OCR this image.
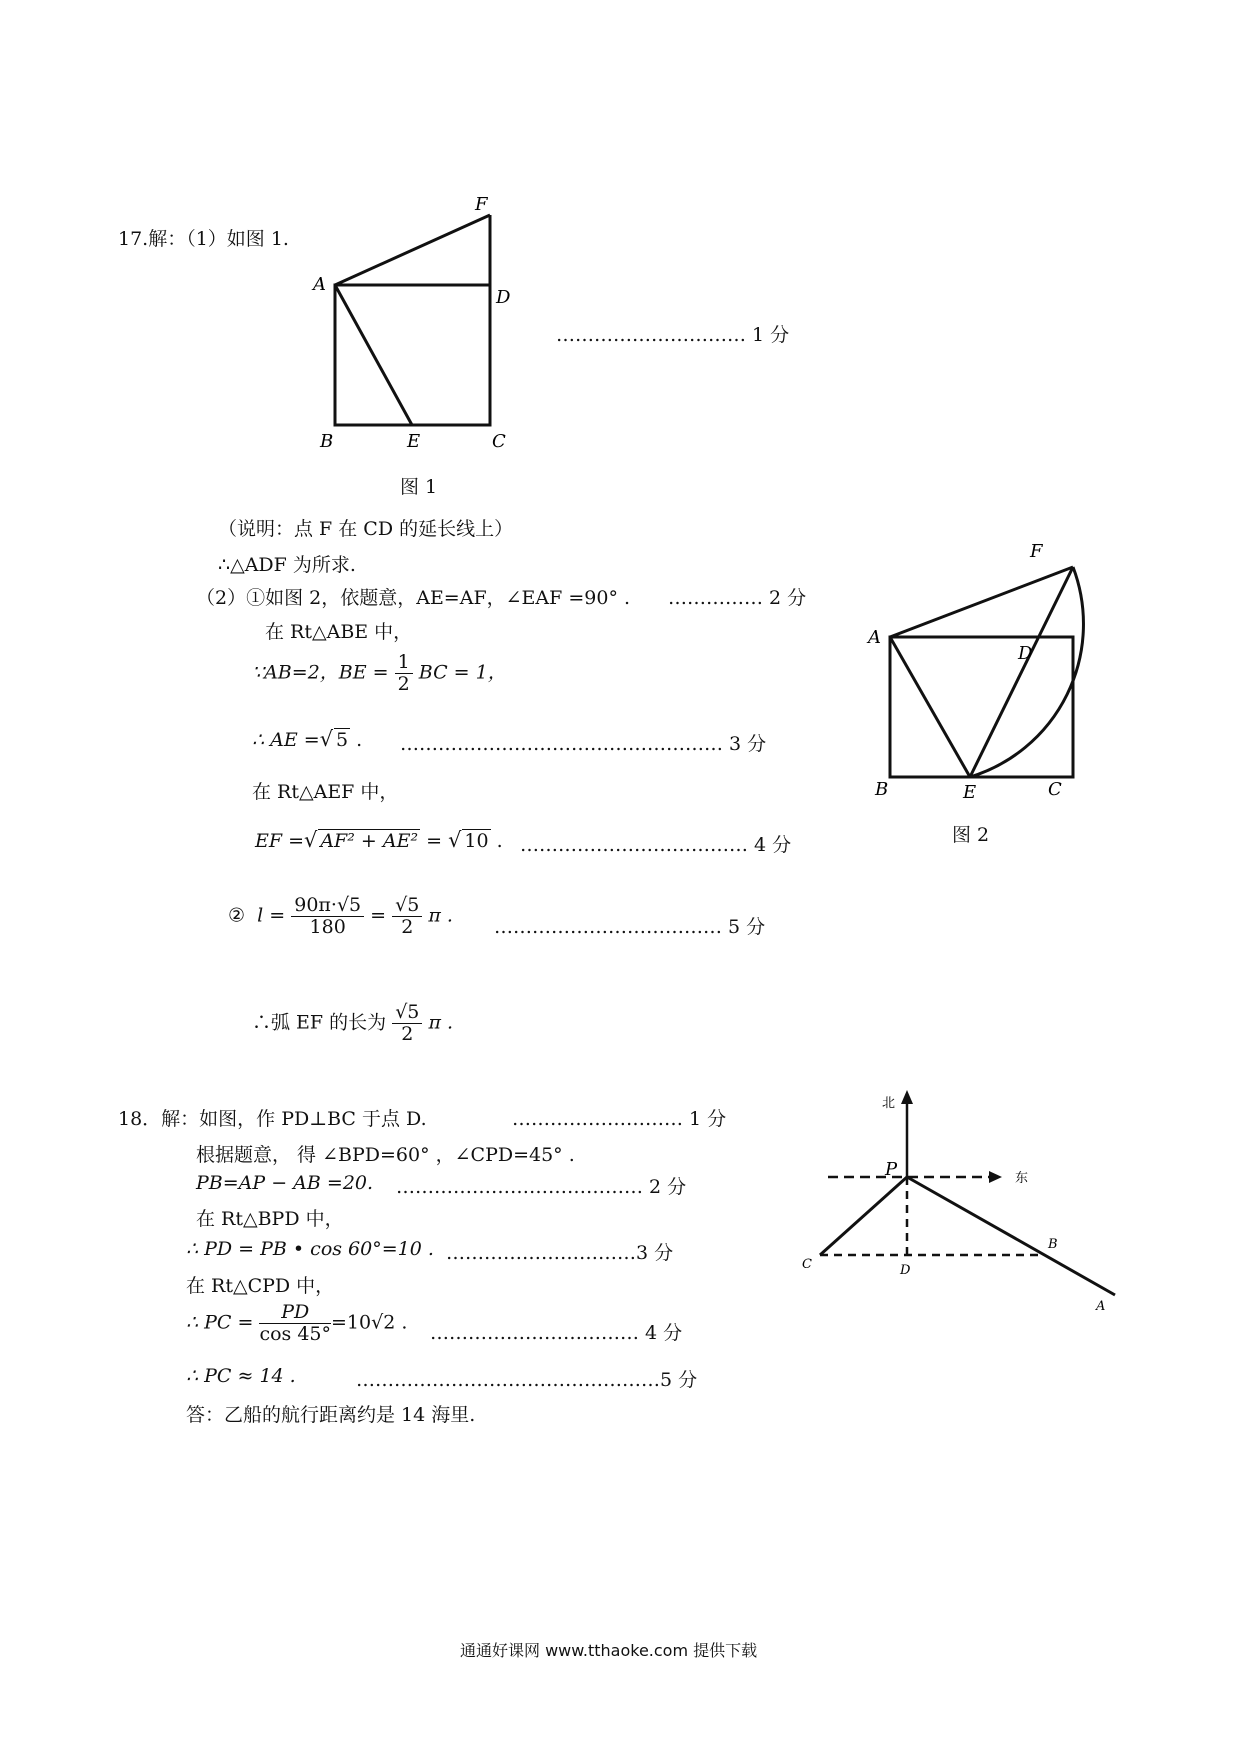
17.解：（1）如图 1.
F
A
D
B	E	C
………………………… 1 分
图 1
（说明：点 F 在 CD 的延长线上）
∴△ADF 为所求.
（2）①如图 2，依题意，AE=AF，∠EAF =90° . …………… 2 分
在 Rt△ABE 中，
∵AB=2，BE = $\frac{1}{2}$ BC = 1，
∴ AE =√ 5 . …………………………………………… 3 分
在 Rt△AEF 中，
EF =√ AF² + AE² = √ 10 . ……………………………… 4 分
② $l = \frac{90\pi\cdot√5}{180} = \frac{√5}{2}$ π .
……………………………… 5 分
∴弧 EF 的长为 $\frac{√5}{2}$ π .
F
A
D
B	E	C
图 2
18．解：如图，作 PD⊥BC 于点 D.	……………………… 1 分
根据题意， 得 ∠BPD=60° ，∠CPD=45° .
PB=AP − AB =20. ………………………………… 2 分
在 Rt△BPD 中，
∴ PD = PB • cos 60°=10 . …………………………3 分
在 Rt△CPD 中，
∴ PC = $\frac{PD}{\cos 45^\circ} =10√2$ . …………………………… 4 分
∴ PC ≈ 14 .	…………………………………………5 分
答：乙船的航行距离约是 14 海里.
北
东
P
B
C	D
A
通通好课网 www.tthaoke.com 提供下载
